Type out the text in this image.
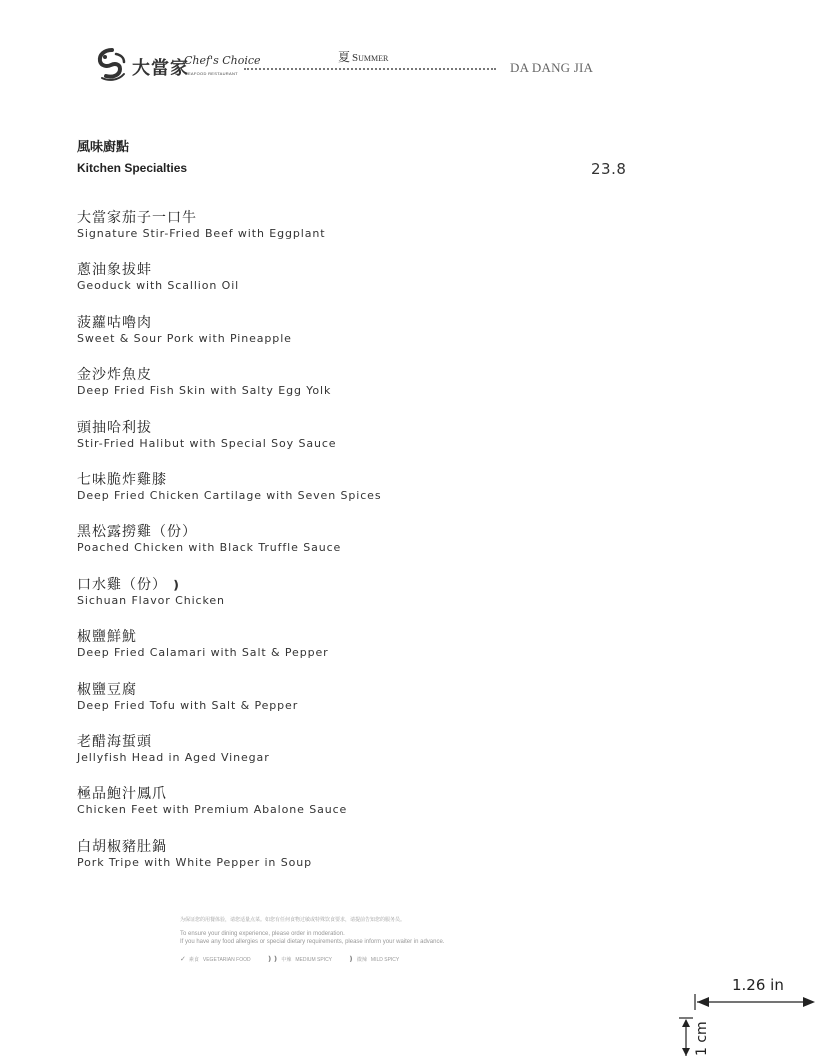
大當家
Chef's Choice
SEAFOOD RESTAURANT
夏 Summer
DA DANG JIA
風味廚點
Kitchen Specialties	23.8
大當家茄子一口牛
Signature Stir-Fried Beef with Eggplant
蔥油象拔蚌
Geoduck with Scallion Oil
菠蘿咕嚕肉
Sweet & Sour Pork with Pineapple
金沙炸魚皮
Deep Fried Fish Skin with Salty Egg Yolk
頭抽哈利拔
Stir-Fried Halibut with Special Soy Sauce
七味脆炸雞膝
Deep Fried Chicken Cartilage with Seven Spices
黑松露撈雞（份）
Poached Chicken with Black Truffle Sauce
口水雞（份） ❫
Sichuan Flavor Chicken
椒鹽鮮魷
Deep Fried Calamari with Salt & Pepper
椒鹽豆腐
Deep Fried Tofu with Salt & Pepper
老醋海蜇頭
Jellyfish Head in Aged Vinegar
極品鮑汁鳳爪
Chicken Feet with Premium Abalone Sauce
白胡椒豬肚鍋
Pork Tripe with White Pepper in Soup
为保证您的用餐体验，请您适量点菜。如您有任何食物过敏或特殊饮食要求，请提前告知您的服务员。
To ensure your dining experience, please order in moderation.
If you have any food allergies or special dietary requirements, please inform your waiter in advance.
✓ 素食 VEGETARIAN FOOD ❫❫ 中辣 MEDIUM SPICY ❫ 微辣 MILD SPICY
1.26 in
1 cm
